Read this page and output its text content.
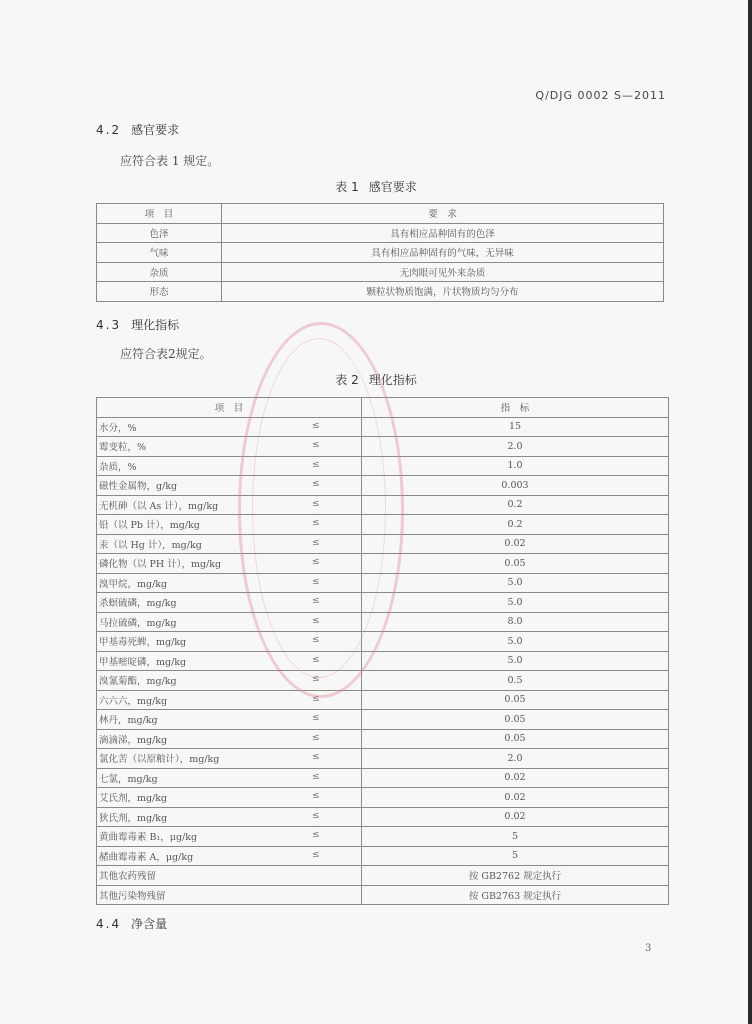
Q/DJG 0002 S—2011
4.2 感官要求
应符合表 1 规定。
表 1 感官要求
项　目	要　求
色泽	具有相应品种固有的色泽
气味	具有相应品种固有的气味，无异味
杂质	无肉眼可见外来杂质
形态	颗粒状物质饱满，片状物质均匀分布
4.3 理化指标
应符合表2规定。
表 2 理化指标
项　目	指　标
水分，% ≤	15
霉变粒，% ≤	2.0
杂质，% ≤	1.0
磁性金属物，g/kg ≤	0.003
无机砷（以 As 计），mg/kg ≤	0.2
铅（以 Pb 计），mg/kg ≤	0.2
汞（以 Hg 计），mg/kg ≤	0.02
磷化物（以 PH 计），mg/kg ≤	0.05
溴甲烷，mg/kg ≤	5.0
杀螟硫磷，mg/kg ≤	5.0
马拉硫磷，mg/kg ≤	8.0
甲基毒死蜱，mg/kg ≤	5.0
甲基嘧啶磷，mg/kg ≤	5.0
溴氰菊酯，mg/kg ≤	0.5
六六六，mg/kg ≤	0.05
林丹，mg/kg ≤	0.05
滴滴涕，mg/kg ≤	0.05
氯化苦（以原粮计），mg/kg ≤	2.0
七氯，mg/kg ≤	0.02
艾氏剂，mg/kg ≤	0.02
狄氏剂，mg/kg ≤	0.02
黄曲霉毒素 B₁，μg/kg ≤	5
赭曲霉毒素 A，μg/kg ≤	5
其他农药残留	按 GB2762 规定执行
其他污染物残留	按 GB2763 规定执行
4.4 净含量
3
